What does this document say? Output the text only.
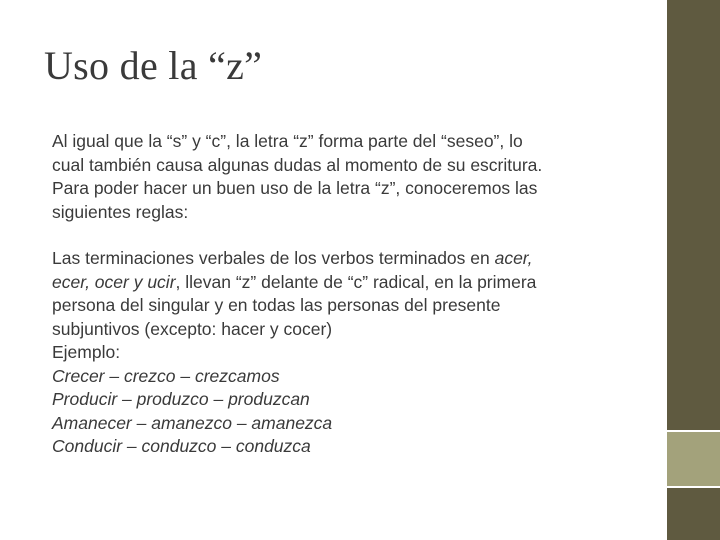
Uso de la “z”

Al igual que la “s” y “c”, la letra “z” forma parte del “seseo”, lo
cual también causa algunas dudas al momento de su escritura.
Para poder hacer un buen uso de la letra “z”, conoceremos las
siguientes reglas:

Las terminaciones verbales de los verbos terminados en acer,
ecer, ocer y ucir, llevan “z” delante de “c” radical, en la primera
persona del singular y en todas las personas del presente
subjuntivos (excepto: hacer y cocer)
Ejemplo:
Crecer – crezco – crezcamos
Producir – produzco – produzcan
Amanecer – amanezco – amanezca
Conducir – conduzco – conduzca
